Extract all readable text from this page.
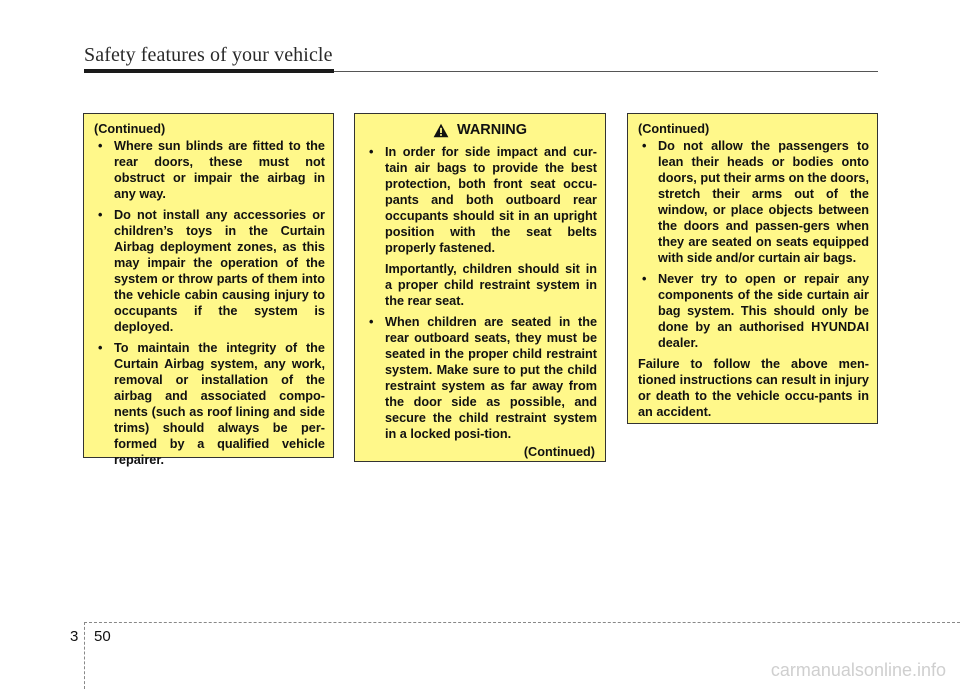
Safety features of your vehicle
(Continued)
• Where sun blinds are fitted to the rear doors, these must not obstruct or impair the airbag in any way.
• Do not install any accessories or children’s toys in the Curtain Airbag deployment zones, as this may impair the operation of the system or throw parts of them into the vehicle cabin causing injury to occupants if the system is deployed.
• To maintain the integrity of the Curtain Airbag system, any work, removal or installation of the airbag and associated compo-nents (such as roof lining and side trims) should always be per-formed by a qualified vehicle repairer.
WARNING
• In order for side impact and cur-tain air bags to provide the best protection, both front seat occu-pants and both outboard rear occupants should sit in an upright position with the seat belts properly fastened.
Importantly, children should sit in a proper child restraint system in the rear seat.
• When children are seated in the rear outboard seats, they must be seated in the proper child restraint system. Make sure to put the child restraint system as far away from the door side as possible, and secure the child restraint system in a locked posi-tion.
(Continued)
(Continued)
• Do not allow the passengers to lean their heads or bodies onto doors, put their arms on the doors, stretch their arms out of the window, or place objects between the doors and passen-gers when they are seated on seats equipped with side and/or curtain air bags.
• Never try to open or repair any components of the side curtain air bag system. This should only be done by an authorised HYUNDAI dealer.
Failure to follow the above men-tioned instructions can result in injury or death to the vehicle occu-pants in an accident.
3 50
carmanualsonline.info
